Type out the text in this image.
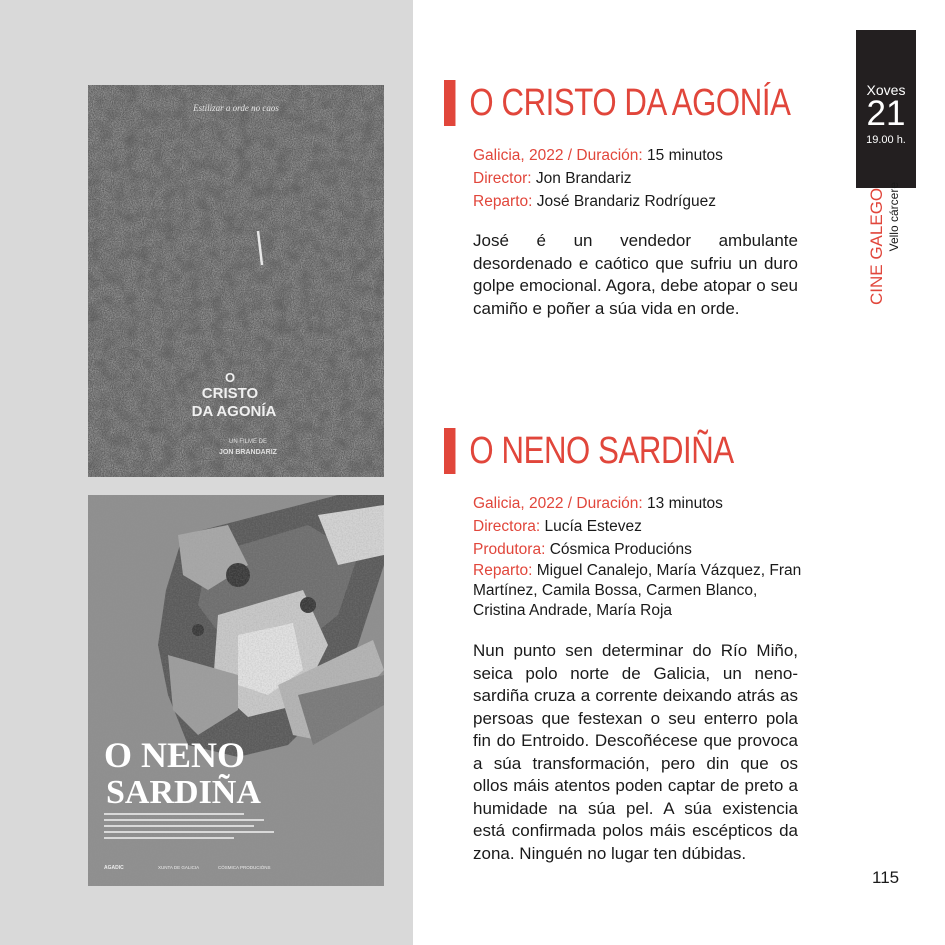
Estilizar a orde no caos
O
CRISTO
DA AGONÍA
UN FILME DE
JON BRANDARIZ
O NENO
SARDIÑA
AGADIC	XUNTA DE GALICIA	CÓSMICA PRODUCIÓNS
O CRISTO DA AGONÍA
Galicia, 2022 / Duración: 15 minutos
Director: Jon Brandariz
Reparto: José Brandariz Rodríguez

José é un vendedor ambulante desordenado e caótico que sufriu un duro golpe emocional. Agora, debe atopar o seu camiño e poñer a súa vida en orde.

O NENO SARDIÑA
Galicia, 2022 / Duración: 13 minutos
Directora: Lucía Estevez
Produtora: Cósmica Producións
Reparto: Miguel Canalejo, María Vázquez, Fran Martínez, Camila Bossa, Carmen Blanco, Cristina Andrade, María Roja

Nun punto sen determinar do Río Miño, seica polo norte de Galicia, un neno-sardiña cruza a corrente deixando atrás as persoas que festexan o seu enterro pola fin do Entroido. Descoñécese que provoca a súa transformación, pero din que os ollos máis atentos poden captar de preto a humidade na súa pel. A súa existencia está confirmada polos máis escépticos da zona. Ninguén no lugar ten dúbidas.

Xoves
21
19.00 h.
CINE GALEGO Vello cárcere
115
